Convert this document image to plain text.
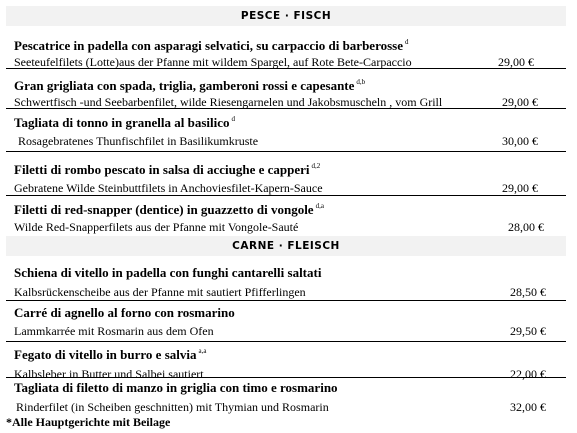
PESCE · FISCH
Pescatrice in padella con asparagi selvatici, su carpaccio di barberosse $^d$
Seeteufelfilets (Lotte)aus der Pfanne mit wildem Spargel, auf Rote Bete-Carpaccio	29,00 €
Gran grigliata con spada, triglia, gamberoni rossi e capesante $^{d,b}$
Schwertfisch -und Seebarbenfilet, wilde Riesengarnelen und Jakobsmuscheln , vom Grill	29,00 €
Tagliata di tonno in granella al basilico $^d$
Rosagebratenes Thunfischfilet in Basilikumkruste	30,00 €
Filetti di rombo pescato in salsa di acciughe e capperi $^{d,2}$
Gebratene Wilde Steinbuttfilets in Anchoviesfilet-Kapern-Sauce	29,00 €
Filetti di red-snapper (dentice) in guazzetto di vongole $^{d,a}$
Wilde Red-Snapperfilets aus der Pfanne mit Vongole-Sauté	28,00 €
CARNE · FLEISCH
Schiena di vitello in padella con funghi cantarelli saltati
Kalbsrückenscheibe aus der Pfanne mit sautiert Pfifferlingen	28,50 €
Carré di agnello al forno con rosmarino
Lammkarrée mit Rosmarin aus dem Ofen	29,50 €
Fegato di vitello in burro e salvia $^{a,a}$
Kalbsleber in Butter und Salbei sautiert	22,00 €
Tagliata di filetto di manzo in griglia con timo e rosmarino
Rinderfilet (in Scheiben geschnitten) mit Thymian und Rosmarin	32,00 €
*Alle Hauptgerichte mit Beilage
